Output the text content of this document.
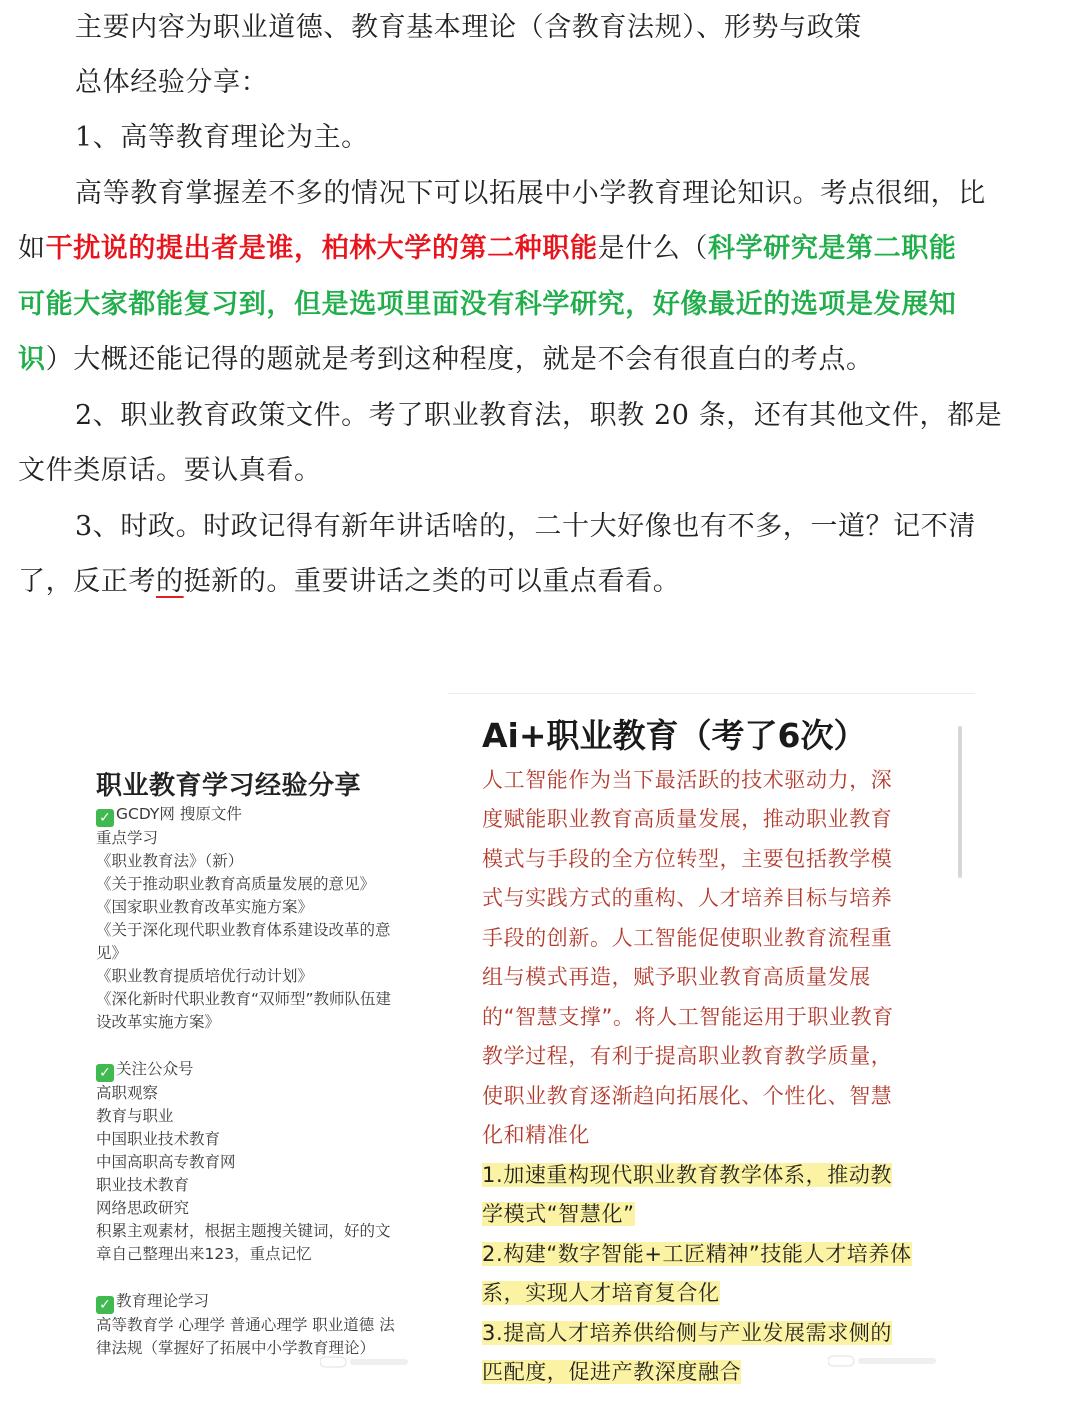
主要内容为职业道德、教育基本理论（含教育法规）、形势与政策
总体经验分享：
1、高等教育理论为主。
高等教育掌握差不多的情况下可以拓展中小学教育理论知识。考点很细，比
如干扰说的提出者是谁，柏林大学的第二种职能是什么（科学研究是第二职能
可能大家都能复习到，但是选项里面没有科学研究，好像最近的选项是发展知
识）大概还能记得的题就是考到这种程度，就是不会有很直白的考点。
2、职业教育政策文件。考了职业教育法，职教 20 条，还有其他文件，都是
文件类原话。要认真看。
3、时政。时政记得有新年讲话啥的，二十大好像也有不多，一道？记不清
了，反正考的挺新的。重要讲话之类的可以重点看看。
职业教育学习经验分享
✓ GCDY网 搜原文件
重点学习
《职业教育法》（新）
《关于推动职业教育高质量发展的意见》
《国家职业教育改革实施方案》
《关于深化现代职业教育体系建设改革的意
见》
《职业教育提质培优行动计划》
《深化新时代职业教育“双师型”教师队伍建
设改革实施方案》
✓ 关注公众号
高职观察
教育与职业
中国职业技术教育
中国高职高专教育网
职业技术教育
网络思政研究
积累主观素材，根据主题搜关键词，好的文
章自己整理出来123，重点记忆
✓ 教育理论学习
高等教育学 心理学 普通心理学 职业道德 法
律法规（掌握好了拓展中小学教育理论）
Ai+职业教育（考了6次）
人工智能作为当下最活跃的技术驱动力，深
度赋能职业教育高质量发展，推动职业教育
模式与手段的全方位转型，主要包括教学模
式与实践方式的重构、人才培养目标与培养
手段的创新。人工智能促使职业教育流程重
组与模式再造，赋予职业教育高质量发展
的“智慧支撑”。将人工智能运用于职业教育
教学过程，有利于提高职业教育教学质量，
使职业教育逐渐趋向拓展化、个性化、智慧
化和精准化
1.加速重构现代职业教育教学体系，推动教
学模式“智慧化”
2.构建“数字智能+工匠精神”技能人才培养体
系，实现人才培育复合化
3.提高人才培养供给侧与产业发展需求侧的
匹配度，促进产教深度融合
